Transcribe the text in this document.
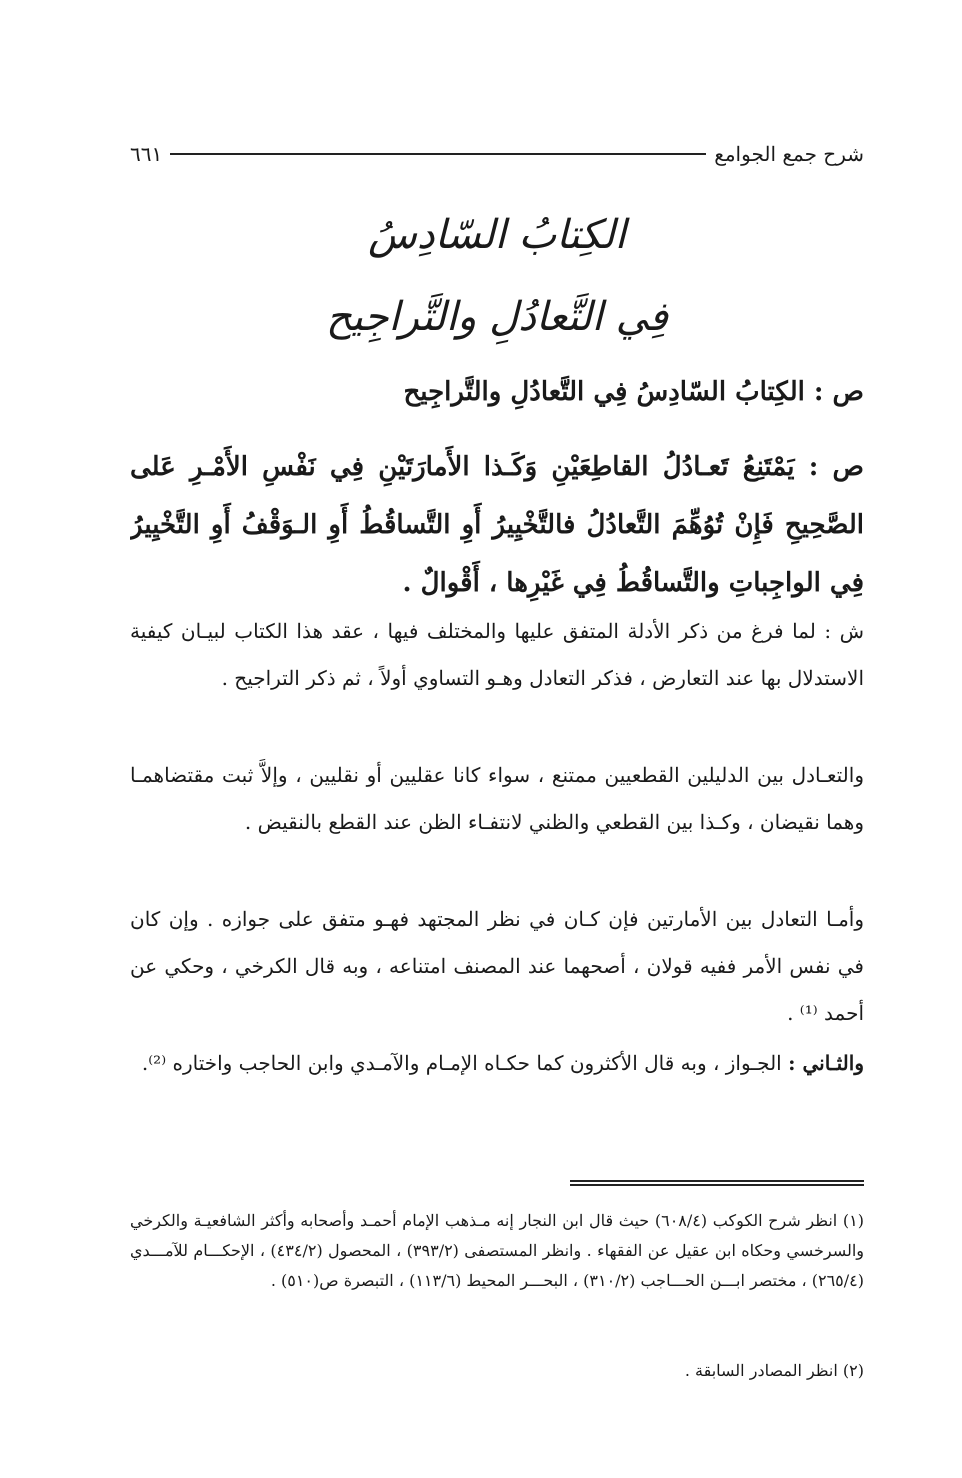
شرح جمع الجوامع
٦٦١
الكِتابُ السّادِسُ
فِي التَّعادُلِ والتَّراجِيح

ص : الكِتابُ السّادِسُ فِي التَّعادُلِ والتَّراجِيح

ص : يَمْتَنِعُ تَعـادُلُ القاطِعَيْنِ وَكَـذا الأَمارَتَيْنِ فِي نَفْسِ الأَمْـرِ عَلى الصَّحِيحِ فَإِنْ تُوُهِّمَ التَّعادُلُ فالتَّخْيِيرُ أَوِ التَّساقُطُ أَوِ الـوَقْفُ أَوِ التَّخْيِيرُ فِي الواجِباتِ والتَّساقُطُ فِي غَيْرِها ، أَقْوالٌ .

ش : لما فرغ من ذكر الأدلة المتفق عليها والمختلف فيها ، عقد هذا الكتاب لبيـان كيفية الاستدلال بها عند التعارض ، فذكر التعادل وهـو التساوي أولاً ، ثم ذكر التراجيح .

والتعـادل بين الدليلين القطعيين ممتنع ، سواء كانا عقليين أو نقليين ، وإلاَّ ثبت مقتضاهمـا وهما نقيضان ، وكـذا بين القطعي والظني لانتفـاء الظن عند القطع بالنقيض .

وأمـا التعادل بين الأمارتين فإن كـان في نظر المجتهد فهـو متفق على جوازه . وإن كان في نفس الأمر ففيه قولان ، أصحهما عند المصنف امتناعه ، وبه قال الكرخي ، وحكي عن أحمد ⁽¹⁾ .

والثـاني : الجـواز ، وبه قال الأكثرون كما حكـاه الإمـام والآمـدي وابن الحاجب واختاره ⁽²⁾.

(١) انظر شرح الكوكب (٦٠٨/٤) حيث قال ابن النجار إنه مـذهب الإمام أحمـد وأصحابه وأكثر الشافعيـة والكرخي والسرخسي وحكاه ابن عقيل عن الفقهاء . وانظر المستصفى (٣٩٣/٢) ، المحصول (٤٣٤/٢) ، الإحكـــام للآمـــدي (٢٦٥/٤) ، مختصر ابـــن الحـــاجب (٣١٠/٢) ، البحـــر المحيط (١١٣/٦) ، التبصرة ص(٥١٠) .

(٢) انظر المصادر السابقة .
